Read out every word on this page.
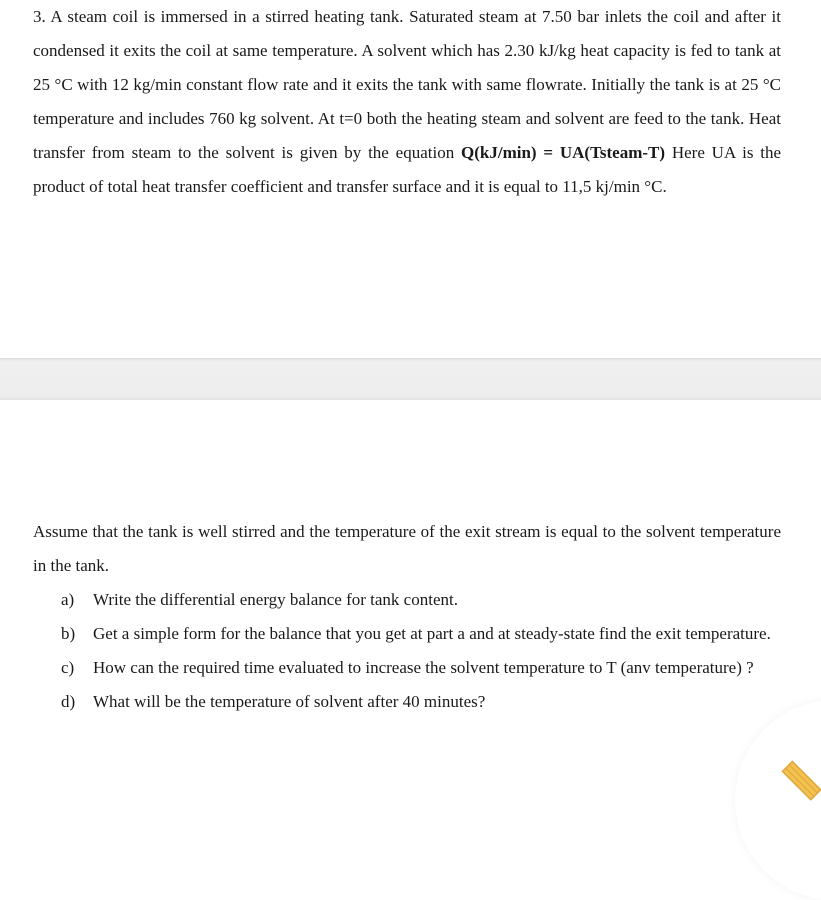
3. A steam coil is immersed in a stirred heating tank. Saturated steam at 7.50 bar inlets the coil and after it condensed it exits the coil at same temperature. A solvent which has 2.30 kJ/kg heat capacity is fed to tank at 25 °C with 12 kg/min constant flow rate and it exits the tank with same flowrate. Initially the tank is at 25 °C temperature and includes 760 kg solvent. At t=0 both the heating steam and solvent are feed to the tank. Heat transfer from steam to the solvent is given by the equation Q(kJ/min) = UA(Tsteam-T) Here UA is the product of total heat transfer coefficient and transfer surface and it is equal to 11,5 kj/min °C.
Assume that the tank is well stirred and the temperature of the exit stream is equal to the solvent temperature in the tank.
a) Write the differential energy balance for tank content.
b) Get a simple form for the balance that you get at part a and at steady-state find the exit temperature.
c) How can the required time evaluated to increase the solvent temperature to T (anv temperature) ?
d) What will be the temperature of solvent after 40 minutes?
